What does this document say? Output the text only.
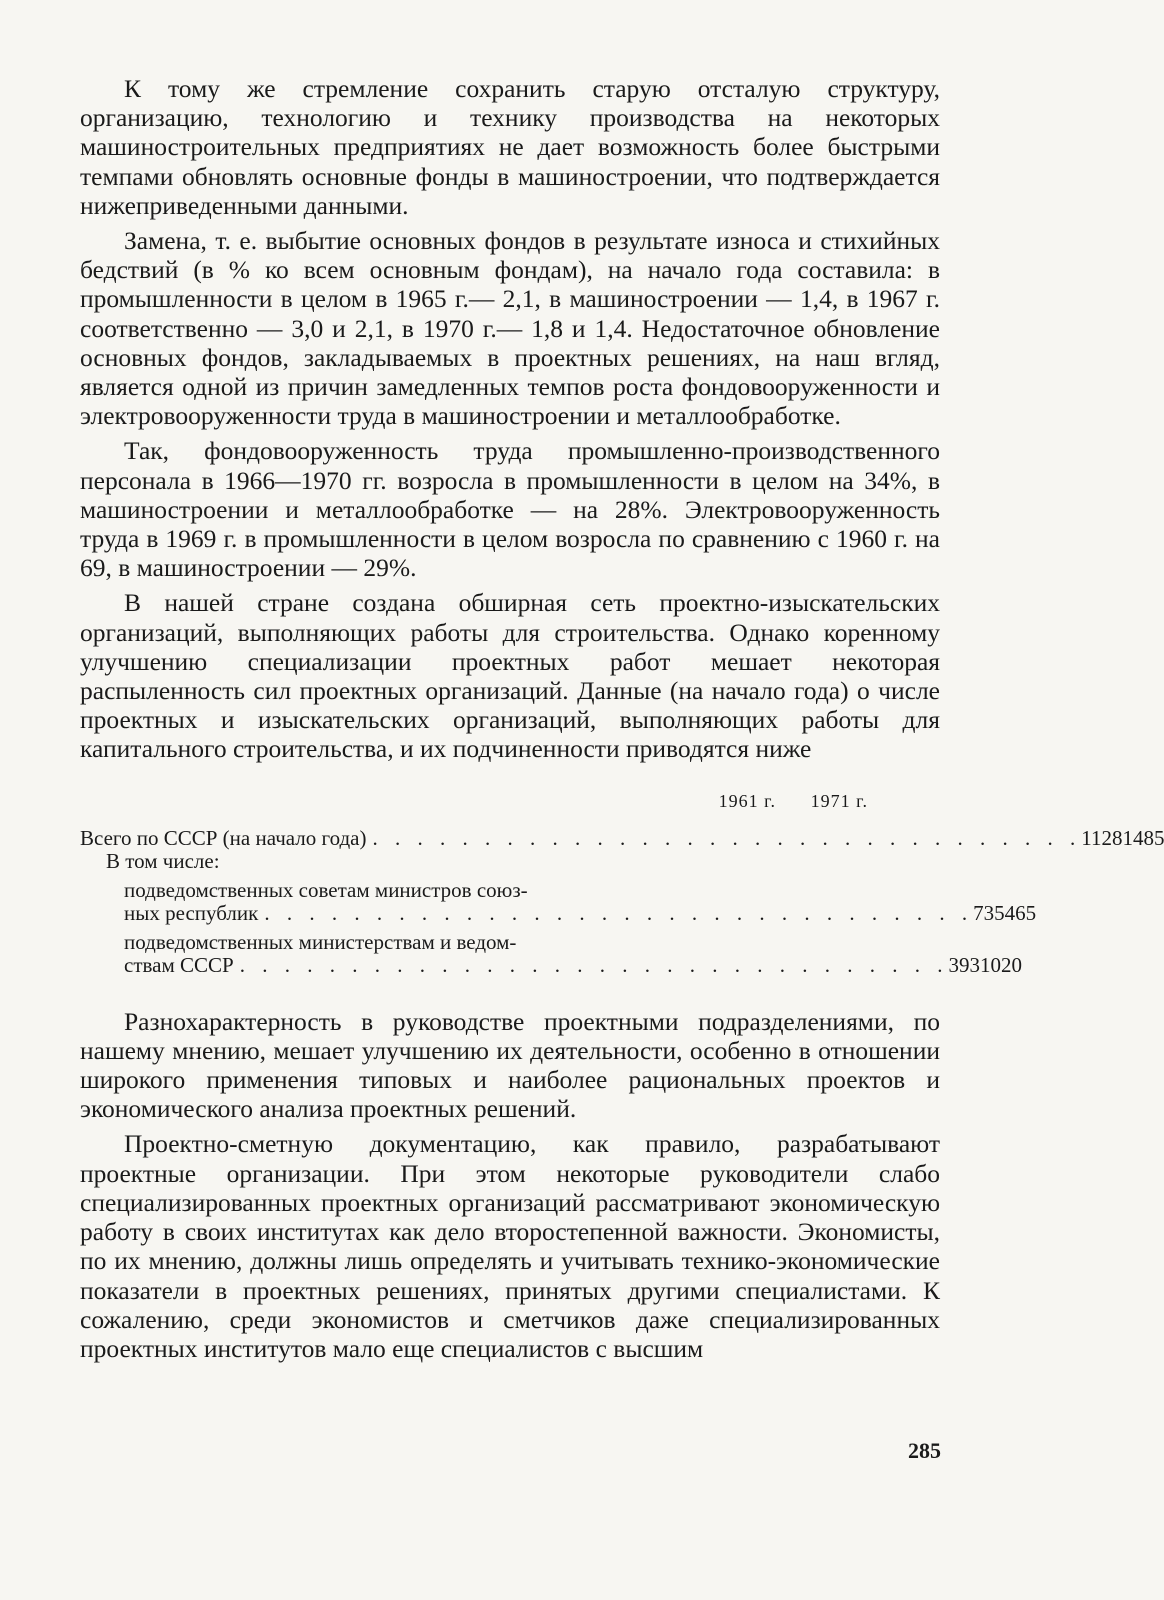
К тому же стремление сохранить старую отсталую структуру, организацию, технологию и технику производства на некоторых машиностроительных предприятиях не дает возможность более быстрыми темпами обновлять основные фонды в машиностроении, что подтверждается нижеприведенными данными.

Замена, т. е. выбытие основных фондов в результате износа и стихийных бедствий (в % ко всем основным фондам), на начало года составила: в промышленности в целом в 1965 г.— 2,1, в машиностроении — 1,4, в 1967 г. соответственно — 3,0 и 2,1, в 1970 г.— 1,8 и 1,4. Недостаточное обновление основных фондов, закладываемых в проектных решениях, на наш вгляд, является одной из причин замедленных темпов роста фондовооруженности и электровооруженности труда в машиностроении и металлообработке.

Так, фондовооруженность труда промышленно-производственного персонала в 1966—1970 гг. возросла в промышленности в целом на 34%, в машиностроении и металлообработке — на 28%. Электровооруженность труда в 1969 г. в промышленности в целом возросла по сравнению с 1960 г. на 69, в машиностроении — 29%.

В нашей стране создана обширная сеть проектно-изыскательских организаций, выполняющих работы для строительства. Однако коренному улучшению специализации проектных работ мешает некоторая распыленность сил проектных организаций. Данные (на начало года) о числе проектных и изыскательских организаций, выполняющих работы для капитального строительства, и их подчиненности приводятся ниже

1961 г.	1971 г.
Всего по СССР (на начало года) . . . . . . . . . . . . . . . . . . . . . . . . . . . . . . . . 1128 1485
В том числе:
подведомственных советам министров союз-
ных республик . . . . . . . . . . . . . . . . . . . . . . . . . . . . . . . . 735 465
подведомственных министерствам и ведом-
ствам СССР . . . . . . . . . . . . . . . . . . . . . . . . . . . . . . . . 393 1020

Разнохарактерность в руководстве проектными подразделениями, по нашему мнению, мешает улучшению их деятельности, особенно в отношении широкого применения типовых и наиболее рациональных проектов и экономического анализа проектных решений.

Проектно-сметную документацию, как правило, разрабатывают проектные организации. При этом некоторые руководители слабо специализированных проектных организаций рассматривают экономическую работу в своих институтах как дело второстепенной важности. Экономисты, по их мнению, должны лишь определять и учитывать технико-экономические показатели в проектных решениях, принятых другими специалистами. К сожалению, среди экономистов и сметчиков даже специализированных проектных институтов мало еще специалистов с высшим

285
